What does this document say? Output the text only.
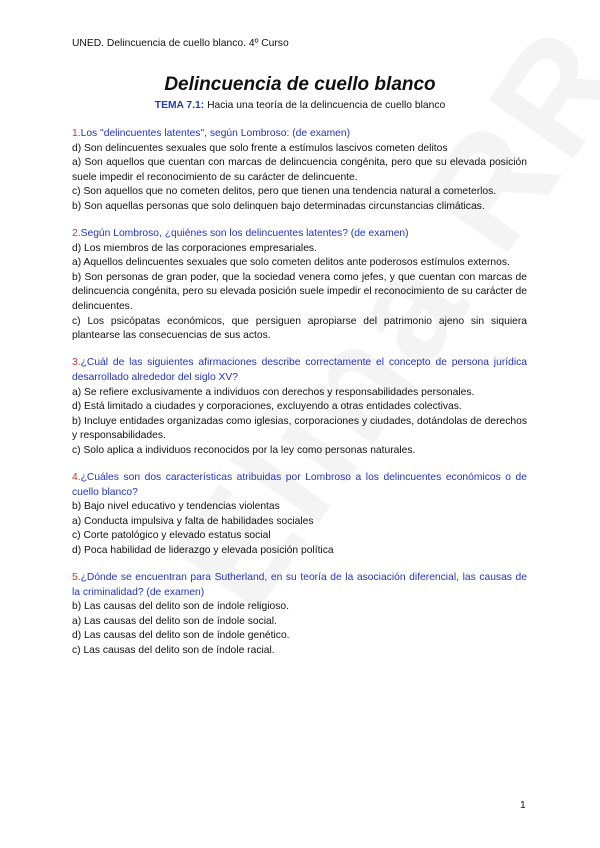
UNED. Delincuencia de cuello blanco. 4º Curso
Delincuencia de cuello blanco
TEMA 7.1: Hacia una teoría de la delincuencia de cuello blanco
1.Los "delincuentes latentes", según Lombroso: (de examen)
d) Son delincuentes sexuales que solo frente a estímulos lascivos cometen delitos
a) Son aquellos que cuentan con marcas de delincuencia congénita, pero que su elevada posición suele impedir el reconocimiento de su carácter de delincuente.
c) Son aquellos que no cometen delitos, pero que tienen una tendencia natural a cometerlos.
b) Son aquellas personas que solo delinquen bajo determinadas circunstancias climáticas.
2.Según Lombroso, ¿quiénes son los delincuentes latentes? (de examen)
d) Los miembros de las corporaciones empresariales.
a) Aquellos delincuentes sexuales que solo cometen delitos ante poderosos estímulos externos.
b) Son personas de gran poder, que la sociedad venera como jefes, y que cuentan con marcas de delincuencia congénita, pero su elevada posición suele impedir el reconocimiento de su carácter de delincuentes.
c) Los psicópatas económicos, que persiguen apropiarse del patrimonio ajeno sin siquiera plantearse las consecuencias de sus actos.
3.¿Cuál de las siguientes afirmaciones describe correctamente el concepto de persona jurídica desarrollado alrededor del siglo XV?
a) Se refiere exclusivamente a individuos con derechos y responsabilidades personales.
d) Está limitado a ciudades y corporaciones, excluyendo a otras entidades colectivas.
b) Incluye entidades organizadas como iglesias, corporaciones y ciudades, dotándolas de derechos y responsabilidades.
c) Solo aplica a individuos reconocidos por la ley como personas naturales.
4.¿Cuáles son dos características atribuidas por Lombroso a los delincuentes económicos o de cuello blanco?
b) Bajo nivel educativo y tendencias violentas
a) Conducta impulsiva y falta de habilidades sociales
c) Corte patológico y elevado estatus social
d) Poca habilidad de liderazgo y elevada posición política
5.¿Dónde se encuentran para Sutherland, en su teoría de la asociación diferencial, las causas de la criminalidad? (de examen)
b) Las causas del delito son de índole religioso.
a) Las causas del delito son de índole social.
d) Las causas del delito son de índole genético.
c) Las causas del delito son de índole racial.
1
